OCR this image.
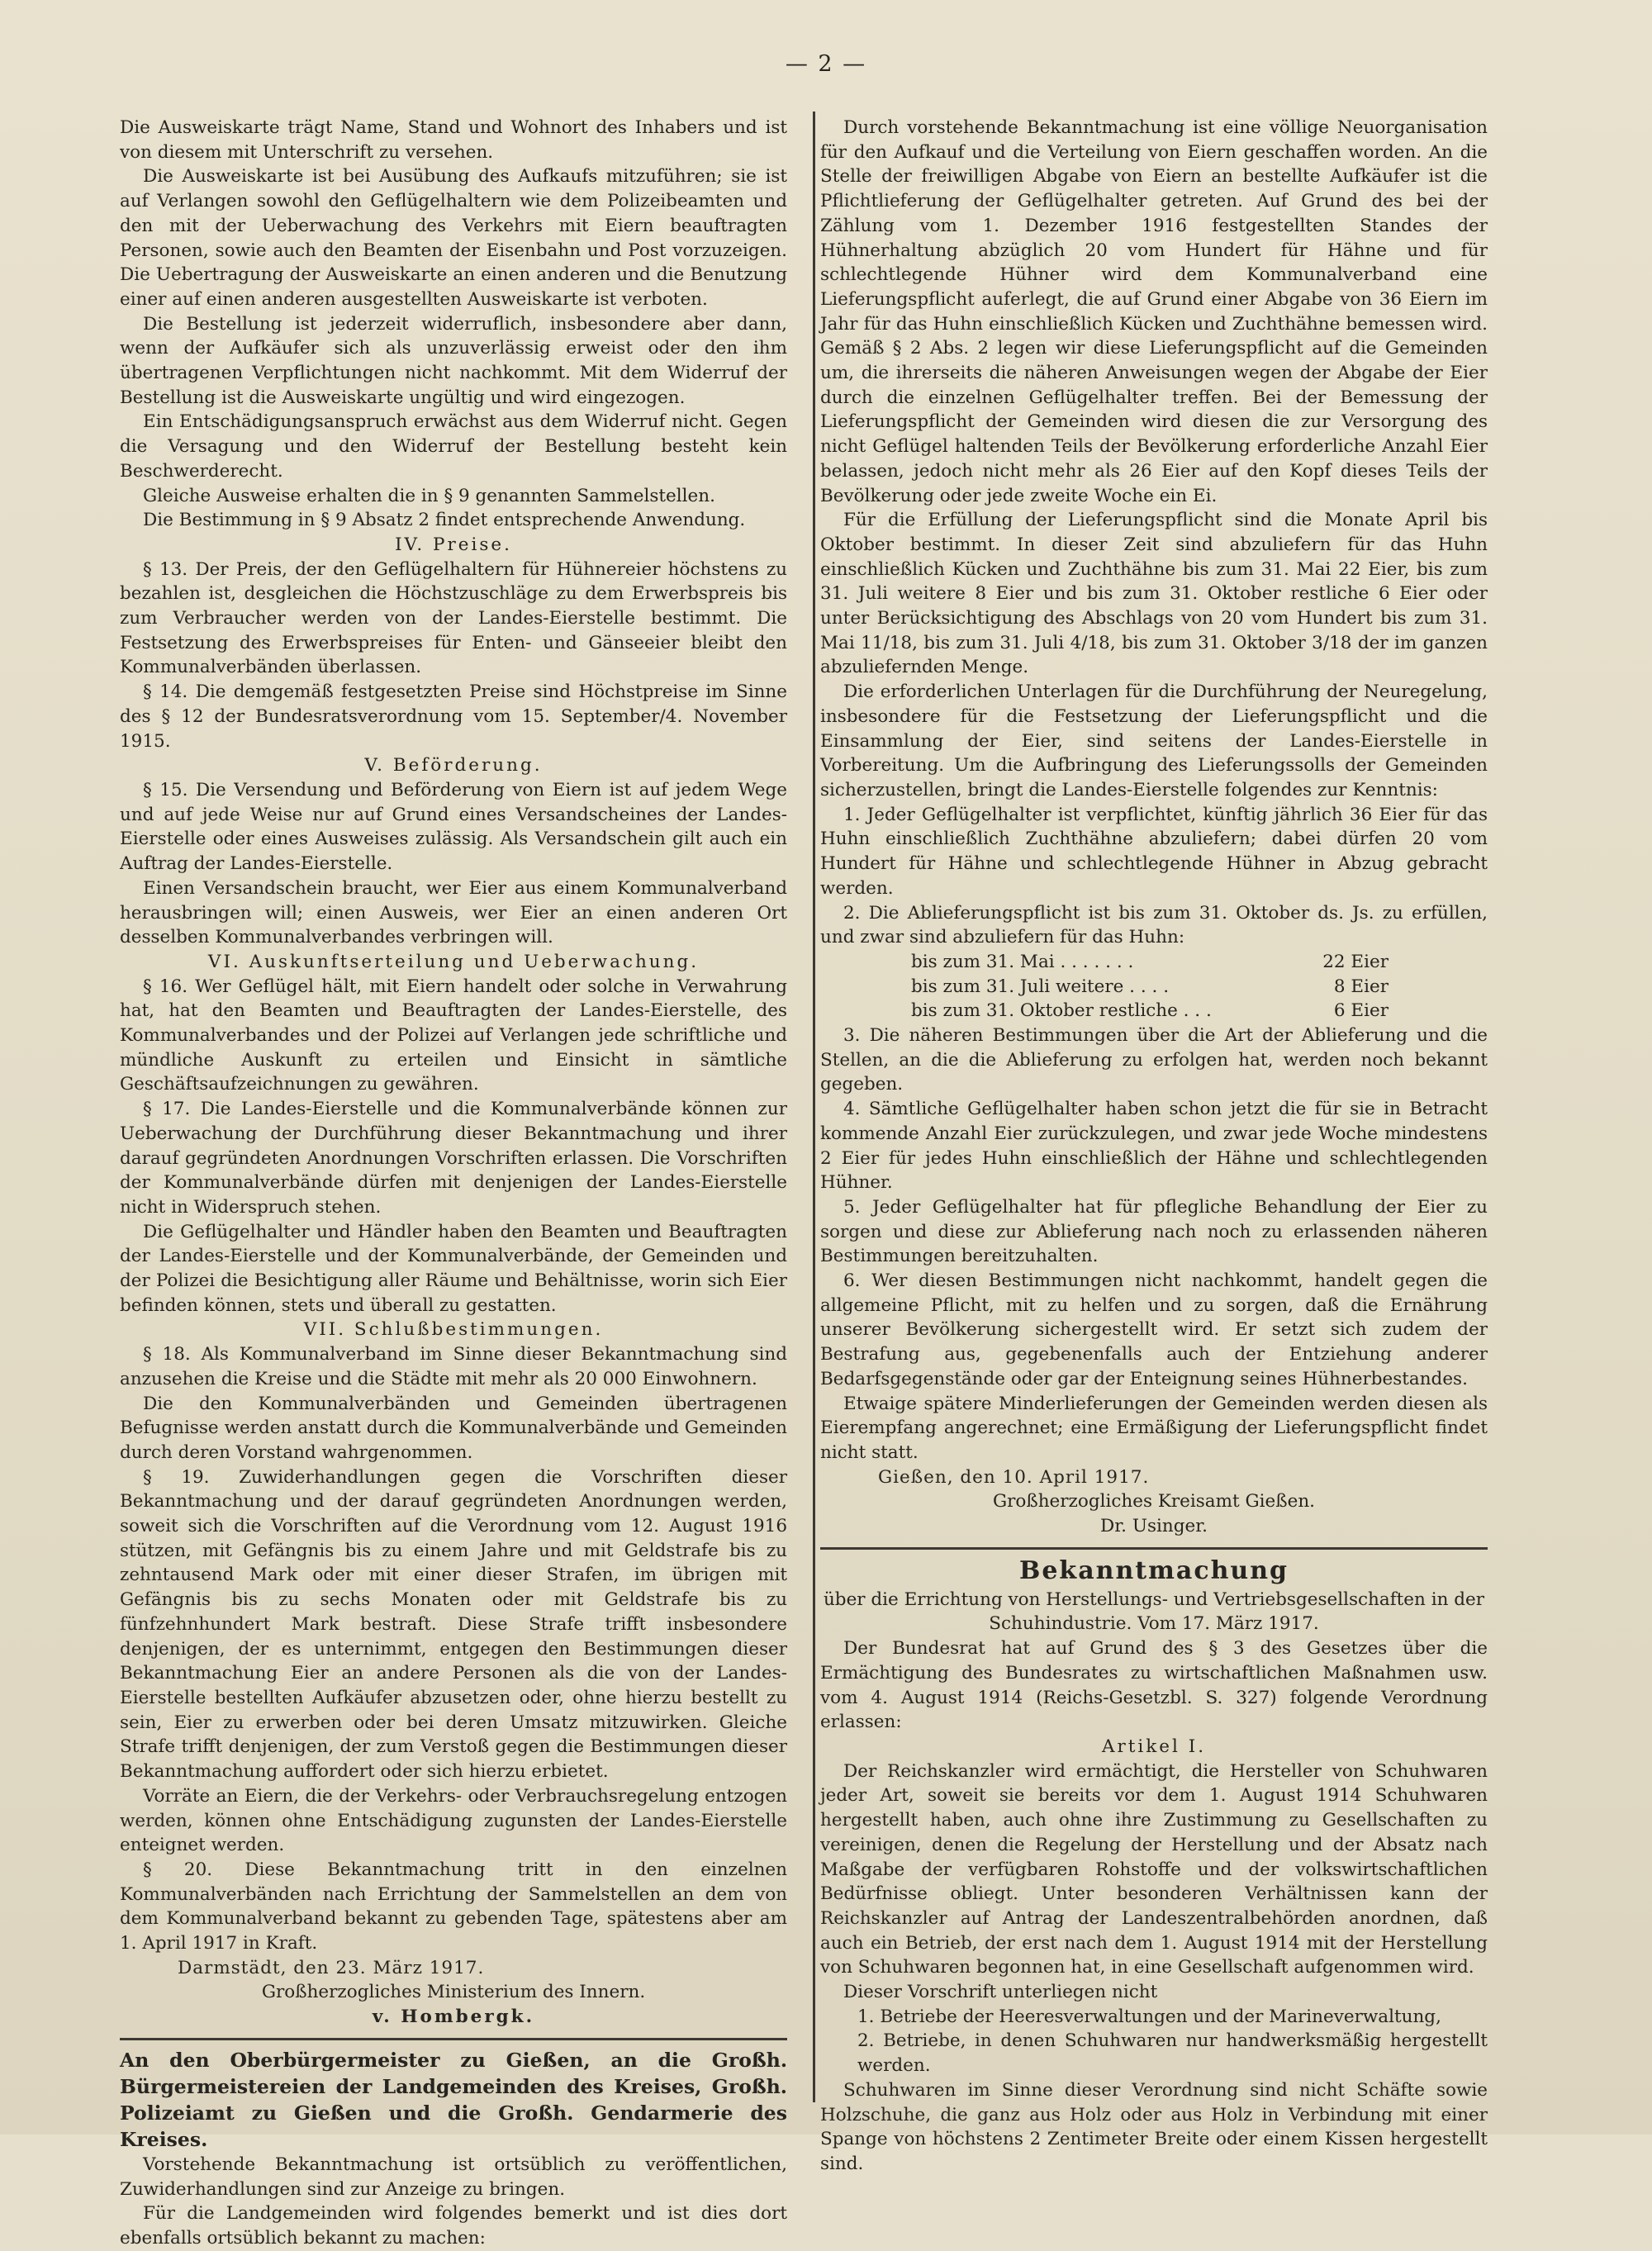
— 2 —

Die Ausweiskarte trägt Name, Stand und Wohnort des Inhabers und ist von diesem mit Unterschrift zu versehen.

Die Ausweiskarte ist bei Ausübung des Aufkaufs mitzuführen; sie ist auf Verlangen sowohl den Geflügelhaltern wie dem Polizeibeamten und den mit der Ueberwachung des Verkehrs mit Eiern beauftragten Personen, sowie auch den Beamten der Eisenbahn und Post vorzuzeigen. Die Uebertragung der Ausweiskarte an einen anderen und die Benutzung einer auf einen anderen ausgestellten Ausweiskarte ist verboten.

Die Bestellung ist jederzeit widerruflich, insbesondere aber dann, wenn der Aufkäufer sich als unzuverlässig erweist oder den ihm übertragenen Verpflichtungen nicht nachkommt. Mit dem Widerruf der Bestellung ist die Ausweiskarte ungültig und wird eingezogen.

Ein Entschädigungsanspruch erwächst aus dem Widerruf nicht. Gegen die Versagung und den Widerruf der Bestellung besteht kein Beschwerderecht.

Gleiche Ausweise erhalten die in § 9 genannten Sammelstellen.

Die Bestimmung in § 9 Absatz 2 findet entsprechende Anwendung.

IV. Preise.

§ 13. Der Preis, der den Geflügelhaltern für Hühnereier höchstens zu bezahlen ist, desgleichen die Höchstzuschläge zu dem Erwerbspreis bis zum Verbraucher werden von der Landes-Eierstelle bestimmt. Die Festsetzung des Erwerbspreises für Enten- und Gänseeier bleibt den Kommunalverbänden überlassen.

§ 14. Die demgemäß festgesetzten Preise sind Höchstpreise im Sinne des § 12 der Bundesratsverordnung vom 15. September/4. November 1915.

V. Beförderung.

§ 15. Die Versendung und Beförderung von Eiern ist auf jedem Wege und auf jede Weise nur auf Grund eines Versandscheines der Landes-Eierstelle oder eines Ausweises zulässig. Als Versandschein gilt auch ein Auftrag der Landes-Eierstelle.

Einen Versandschein braucht, wer Eier aus einem Kommunalverband herausbringen will; einen Ausweis, wer Eier an einen anderen Ort desselben Kommunalverbandes verbringen will.

VI. Auskunftserteilung und Ueberwachung.

§ 16. Wer Geflügel hält, mit Eiern handelt oder solche in Verwahrung hat, hat den Beamten und Beauftragten der Landes-Eierstelle, des Kommunalverbandes und der Polizei auf Verlangen jede schriftliche und mündliche Auskunft zu erteilen und Einsicht in sämtliche Geschäftsaufzeichnungen zu gewähren.

§ 17. Die Landes-Eierstelle und die Kommunalverbände können zur Ueberwachung der Durchführung dieser Bekanntmachung und ihrer darauf gegründeten Anordnungen Vorschriften erlassen. Die Vorschriften der Kommunalverbände dürfen mit denjenigen der Landes-Eierstelle nicht in Widerspruch stehen.

Die Geflügelhalter und Händler haben den Beamten und Beauftragten der Landes-Eierstelle und der Kommunalverbände, der Gemeinden und der Polizei die Besichtigung aller Räume und Behältnisse, worin sich Eier befinden können, stets und überall zu gestatten.

VII. Schlußbestimmungen.

§ 18. Als Kommunalverband im Sinne dieser Bekanntmachung sind anzusehen die Kreise und die Städte mit mehr als 20 000 Einwohnern.

Die den Kommunalverbänden und Gemeinden übertragenen Befugnisse werden anstatt durch die Kommunalverbände und Gemeinden durch deren Vorstand wahrgenommen.

§ 19. Zuwiderhandlungen gegen die Vorschriften dieser Bekanntmachung und der darauf gegründeten Anordnungen werden, soweit sich die Vorschriften auf die Verordnung vom 12. August 1916 stützen, mit Gefängnis bis zu einem Jahre und mit Geldstrafe bis zu zehntausend Mark oder mit einer dieser Strafen, im übrigen mit Gefängnis bis zu sechs Monaten oder mit Geldstrafe bis zu fünfzehnhundert Mark bestraft. Diese Strafe trifft insbesondere denjenigen, der es unternimmt, entgegen den Bestimmungen dieser Bekanntmachung Eier an andere Personen als die von der Landes-Eierstelle bestellten Aufkäufer abzusetzen oder, ohne hierzu bestellt zu sein, Eier zu erwerben oder bei deren Umsatz mitzuwirken. Gleiche Strafe trifft denjenigen, der zum Verstoß gegen die Bestimmungen dieser Bekanntmachung auffordert oder sich hierzu erbietet.

Vorräte an Eiern, die der Verkehrs- oder Verbrauchsregelung entzogen werden, können ohne Entschädigung zugunsten der Landes-Eierstelle enteignet werden.

§ 20. Diese Bekanntmachung tritt in den einzelnen Kommunalverbänden nach Errichtung der Sammelstellen an dem von dem Kommunalverband bekannt zu gebenden Tage, spätestens aber am 1. April 1917 in Kraft.

Darmstädt, den 23. März 1917.

Großherzogliches Ministerium des Innern.

v. Hombergk.

An den Oberbürgermeister zu Gießen, an die Großh. Bürgermeistereien der Landgemeinden des Kreises, Großh. Polizeiamt zu Gießen und die Großh. Gendarmerie des Kreises.

Vorstehende Bekanntmachung ist ortsüblich zu veröffentlichen, Zuwiderhandlungen sind zur Anzeige zu bringen.

Für die Landgemeinden wird folgendes bemerkt und ist dies dort ebenfalls ortsüblich bekannt zu machen:

Durch vorstehende Bekanntmachung ist eine völlige Neuorganisation für den Aufkauf und die Verteilung von Eiern geschaffen worden. An die Stelle der freiwilligen Abgabe von Eiern an bestellte Aufkäufer ist die Pflichtlieferung der Geflügelhalter getreten. Auf Grund des bei der Zählung vom 1. Dezember 1916 festgestellten Standes der Hühnerhaltung abzüglich 20 vom Hundert für Hähne und für schlechtlegende Hühner wird dem Kommunalverband eine Lieferungspflicht auferlegt, die auf Grund einer Abgabe von 36 Eiern im Jahr für das Huhn einschließlich Kücken und Zuchthähne bemessen wird. Gemäß § 2 Abs. 2 legen wir diese Lieferungspflicht auf die Gemeinden um, die ihrerseits die näheren Anweisungen wegen der Abgabe der Eier durch die einzelnen Geflügelhalter treffen. Bei der Bemessung der Lieferungspflicht der Gemeinden wird diesen die zur Versorgung des nicht Geflügel haltenden Teils der Bevölkerung erforderliche Anzahl Eier belassen, jedoch nicht mehr als 26 Eier auf den Kopf dieses Teils der Bevölkerung oder jede zweite Woche ein Ei.

Für die Erfüllung der Lieferungspflicht sind die Monate April bis Oktober bestimmt. In dieser Zeit sind abzuliefern für das Huhn einschließlich Kücken und Zuchthähne bis zum 31. Mai 22 Eier, bis zum 31. Juli weitere 8 Eier und bis zum 31. Oktober restliche 6 Eier oder unter Berücksichtigung des Abschlags von 20 vom Hundert bis zum 31. Mai 11/18, bis zum 31. Juli 4/18, bis zum 31. Oktober 3/18 der im ganzen abzuliefernden Menge.

Die erforderlichen Unterlagen für die Durchführung der Neuregelung, insbesondere für die Festsetzung der Lieferungspflicht und die Einsammlung der Eier, sind seitens der Landes-Eierstelle in Vorbereitung. Um die Aufbringung des Lieferungssolls der Gemeinden sicherzustellen, bringt die Landes-Eierstelle folgendes zur Kenntnis:

1. Jeder Geflügelhalter ist verpflichtet, künftig jährlich 36 Eier für das Huhn einschließlich Zuchthähne abzuliefern; dabei dürfen 20 vom Hundert für Hähne und schlechtlegende Hühner in Abzug gebracht werden.

2. Die Ablieferungspflicht ist bis zum 31. Oktober ds. Js. zu erfüllen, und zwar sind abzuliefern für das Huhn:

bis zum 31. Mai . . . . . . .	22 Eier
bis zum 31. Juli weitere . . . .	8 Eier
bis zum 31. Oktober restliche . . .	6 Eier

3. Die näheren Bestimmungen über die Art der Ablieferung und die Stellen, an die die Ablieferung zu erfolgen hat, werden noch bekannt gegeben.

4. Sämtliche Geflügelhalter haben schon jetzt die für sie in Betracht kommende Anzahl Eier zurückzulegen, und zwar jede Woche mindestens 2 Eier für jedes Huhn einschließlich der Hähne und schlechtlegenden Hühner.

5. Jeder Geflügelhalter hat für pflegliche Behandlung der Eier zu sorgen und diese zur Ablieferung nach noch zu erlassenden näheren Bestimmungen bereitzuhalten.

6. Wer diesen Bestimmungen nicht nachkommt, handelt gegen die allgemeine Pflicht, mit zu helfen und zu sorgen, daß die Ernährung unserer Bevölkerung sichergestellt wird. Er setzt sich zudem der Bestrafung aus, gegebenenfalls auch der Entziehung anderer Bedarfsgegenstände oder gar der Enteignung seines Hühnerbestandes.

Etwaige spätere Minderlieferungen der Gemeinden werden diesen als Eierempfang angerechnet; eine Ermäßigung der Lieferungspflicht findet nicht statt.

Gießen, den 10. April 1917.

Großherzogliches Kreisamt Gießen.

Dr. Usinger.

Bekanntmachung

über die Errichtung von Herstellungs- und Vertriebsgesellschaften in der Schuhindustrie. Vom 17. März 1917.

Der Bundesrat hat auf Grund des § 3 des Gesetzes über die Ermächtigung des Bundesrates zu wirtschaftlichen Maßnahmen usw. vom 4. August 1914 (Reichs-Gesetzbl. S. 327) folgende Verordnung erlassen:

Artikel I.

Der Reichskanzler wird ermächtigt, die Hersteller von Schuhwaren jeder Art, soweit sie bereits vor dem 1. August 1914 Schuhwaren hergestellt haben, auch ohne ihre Zustimmung zu Gesellschaften zu vereinigen, denen die Regelung der Herstellung und der Absatz nach Maßgabe der verfügbaren Rohstoffe und der volkswirtschaftlichen Bedürfnisse obliegt. Unter besonderen Verhältnissen kann der Reichskanzler auf Antrag der Landeszentralbehörden anordnen, daß auch ein Betrieb, der erst nach dem 1. August 1914 mit der Herstellung von Schuhwaren begonnen hat, in eine Gesellschaft aufgenommen wird.

Dieser Vorschrift unterliegen nicht

1. Betriebe der Heeresverwaltungen und der Marineverwaltung,

2. Betriebe, in denen Schuhwaren nur handwerksmäßig hergestellt werden.

Schuhwaren im Sinne dieser Verordnung sind nicht Schäfte sowie Holzschuhe, die ganz aus Holz oder aus Holz in Verbindung mit einer Spange von höchstens 2 Zentimeter Breite oder einem Kissen hergestellt sind.
